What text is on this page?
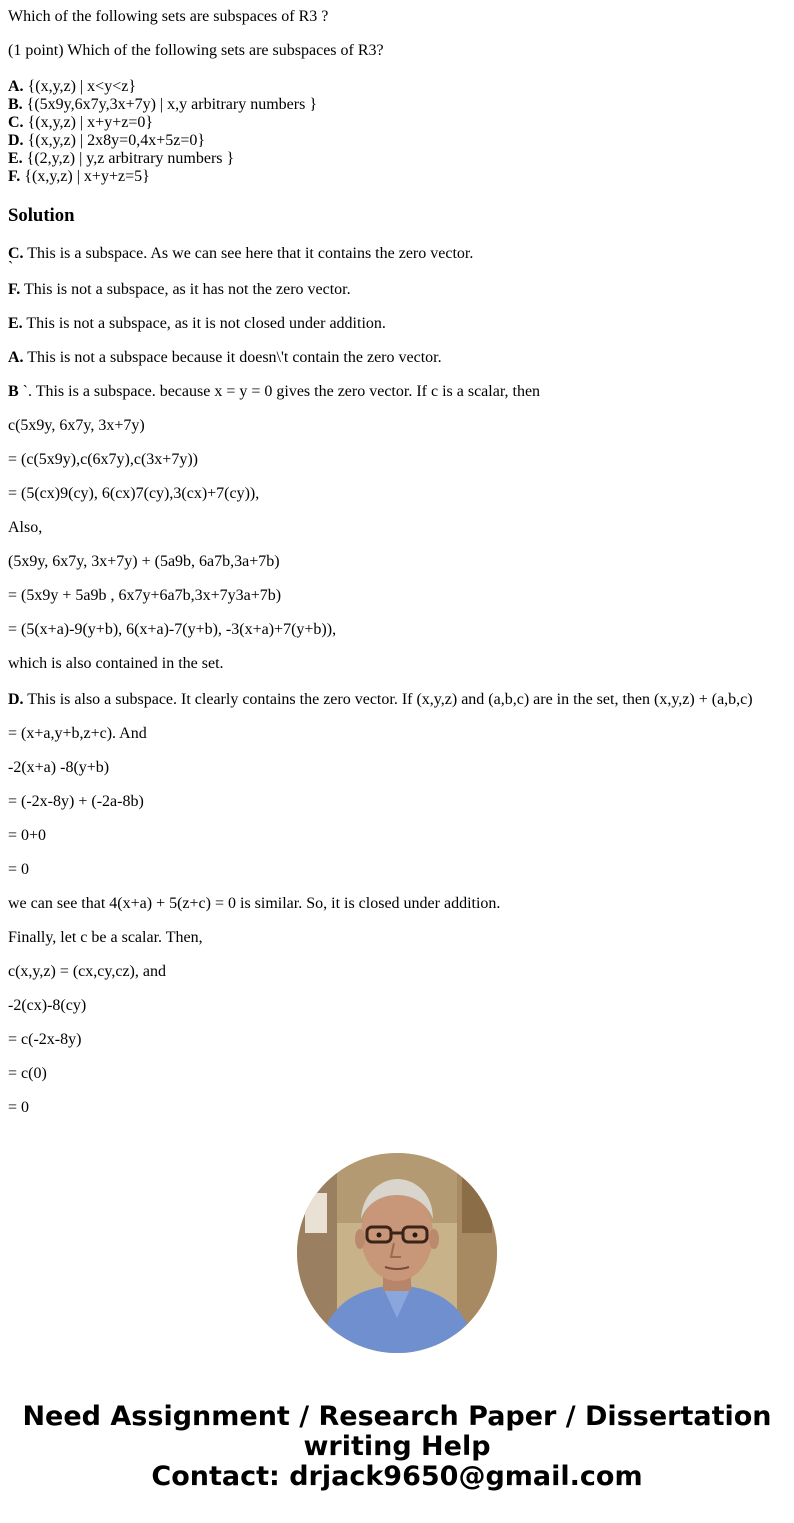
Which of the following sets are subspaces of R3 ?
(1 point) Which of the following sets are subspaces of R3?
A. {(x,y,z) | x<y<z}
B. {(5x9y,6x7y,3x+7y) | x,y arbitrary numbers }
C. {(x,y,z) | x+y+z=0}
D. {(x,y,z) | 2x8y=0,4x+5z=0}
E. {(2,y,z) | y,z arbitrary numbers }
F. {(x,y,z) | x+y+z=5}
Solution
C. This is a subspace. As we can see here that it contains the zero vector.
`
F. This is not a subspace, as it has not the zero vector.
E. This is not a subspace, as it is not closed under addition.
A. This is not a subspace because it doesn\'t contain the zero vector.
B `. This is a subspace. because x = y = 0 gives the zero vector. If c is a scalar, then
c(5x9y, 6x7y, 3x+7y)
= (c(5x9y),c(6x7y),c(3x+7y))
= (5(cx)9(cy), 6(cx)7(cy),3(cx)+7(cy)),
Also,
(5x9y, 6x7y, 3x+7y) + (5a9b, 6a7b,3a+7b)
= (5x9y + 5a9b , 6x7y+6a7b,3x+7y3a+7b)
= (5(x+a)-9(y+b), 6(x+a)-7(y+b), -3(x+a)+7(y+b)),
which is also contained in the set.
D. This is also a subspace. It clearly contains the zero vector. If (x,y,z) and (a,b,c) are in the set, then (x,y,z) + (a,b,c)
= (x+a,y+b,z+c). And
-2(x+a) -8(y+b)
= (-2x-8y) + (-2a-8b)
= 0+0
= 0
we can see that 4(x+a) + 5(z+c) = 0 is similar. So, it is closed under addition.
Finally, let c be a scalar. Then,
c(x,y,z) = (cx,cy,cz), and
-2(cx)-8(cy)
= c(-2x-8y)
= c(0)
= 0
Need Assignment / Research Paper / Dissertation
writing Help
Contact: drjack9650@gmail.com
